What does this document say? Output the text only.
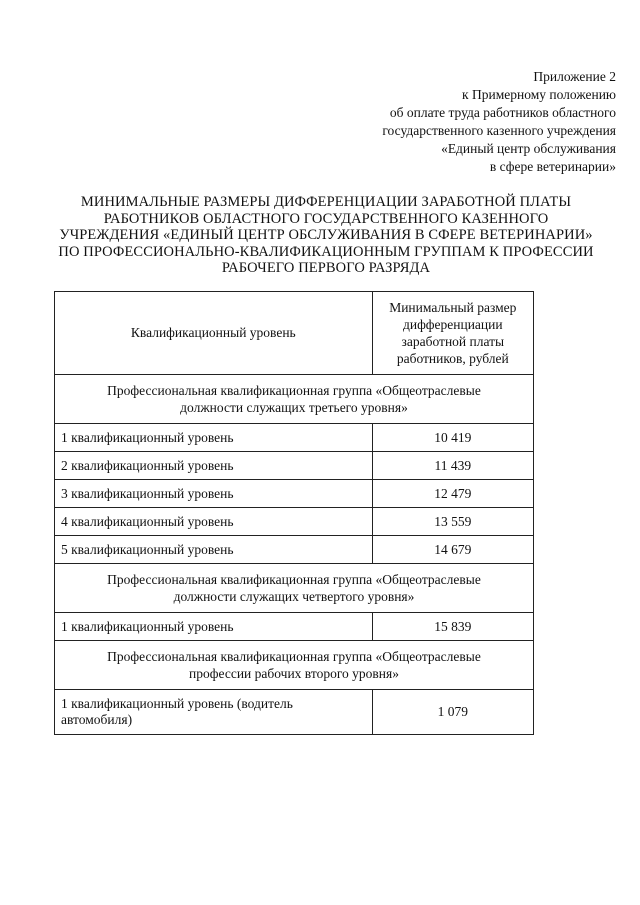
Приложение 2
к Примерному положению
об оплате труда работников областного
государственного казенного учреждения
«Единый центр обслуживания
в сфере ветеринарии»
МИНИМАЛЬНЫЕ РАЗМЕРЫ ДИФФЕРЕНЦИАЦИИ ЗАРАБОТНОЙ ПЛАТЫ
РАБОТНИКОВ ОБЛАСТНОГО ГОСУДАРСТВЕННОГО КАЗЕННОГО
УЧРЕЖДЕНИЯ «ЕДИНЫЙ ЦЕНТР ОБСЛУЖИВАНИЯ В СФЕРЕ ВЕТЕРИНАРИИ»
ПО ПРОФЕССИОНАЛЬНО-КВАЛИФИКАЦИОННЫМ ГРУППАМ К ПРОФЕССИИ
РАБОЧЕГО ПЕРВОГО РАЗРЯДА
Квалификационный уровень	Минимальный размер
дифференциации
заработной платы
работников, рублей

Профессиональная квалификационная группа «Общеотраслевые
должности служащих третьего уровня»	

1 квалификационный уровень	10 419
2 квалификационный уровень	11 439
3 квалификационный уровень	12 479
4 квалификационный уровень	13 559
5 квалификационный уровень	14 679

Профессиональная квалификационная группа «Общеотраслевые
должности служащих четвертого уровня»	

1 квалификационный уровень	15 839

Профессиональная квалификационная группа «Общеотраслевые
профессии рабочих второго уровня»	

1 квалификационный уровень (водитель
автомобиля)	1 079
